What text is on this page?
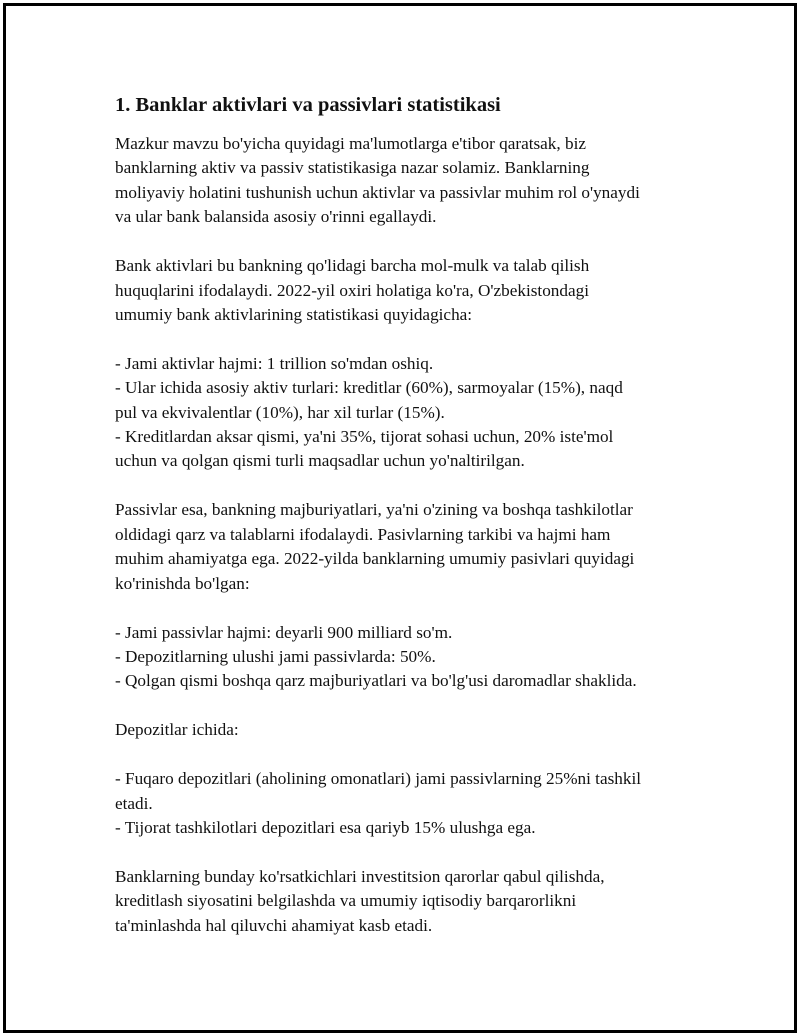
1. Banklar aktivlari va passivlari statistikasi
Mazkur mavzu bo'yicha quyidagi ma'lumotlarga e'tibor qaratsak, biz
banklarning aktiv va passiv statistikasiga nazar solamiz. Banklarning
moliyaviy holatini tushunish uchun aktivlar va passivlar muhim rol o'ynaydi
va ular bank balansida asosiy o'rinni egallaydi.
Bank aktivlari bu bankning qo'lidagi barcha mol-mulk va talab qilish
huquqlarini ifodalaydi. 2022-yil oxiri holatiga ko'ra, O'zbekistondagi
umumiy bank aktivlarining statistikasi quyidagicha:
- Jami aktivlar hajmi: 1 trillion so'mdan oshiq.
- Ular ichida asosiy aktiv turlari: kreditlar (60%), sarmoyalar (15%), naqd
pul va ekvivalentlar (10%), har xil turlar (15%).
- Kreditlardan aksar qismi, ya'ni 35%, tijorat sohasi uchun, 20% iste'mol
uchun va qolgan qismi turli maqsadlar uchun yo'naltirilgan.
Passivlar esa, bankning majburiyatlari, ya'ni o'zining va boshqa tashkilotlar
oldidagi qarz va talablarni ifodalaydi. Pasivlarning tarkibi va hajmi ham
muhim ahamiyatga ega. 2022-yilda banklarning umumiy pasivlari quyidagi
ko'rinishda bo'lgan:
- Jami passivlar hajmi: deyarli 900 milliard so'm.
- Depozitlarning ulushi jami passivlarda: 50%.
- Qolgan qismi boshqa qarz majburiyatlari va bo'lg'usi daromadlar shaklida.
Depozitlar ichida:
- Fuqaro depozitlari (aholining omonatlari) jami passivlarning 25%ni tashkil
etadi.
- Tijorat tashkilotlari depozitlari esa qariyb 15% ulushga ega.
Banklarning bunday ko'rsatkichlari investitsion qarorlar qabul qilishda,
kreditlash siyosatini belgilashda va umumiy iqtisodiy barqarorlikni
ta'minlashda hal qiluvchi ahamiyat kasb etadi.
